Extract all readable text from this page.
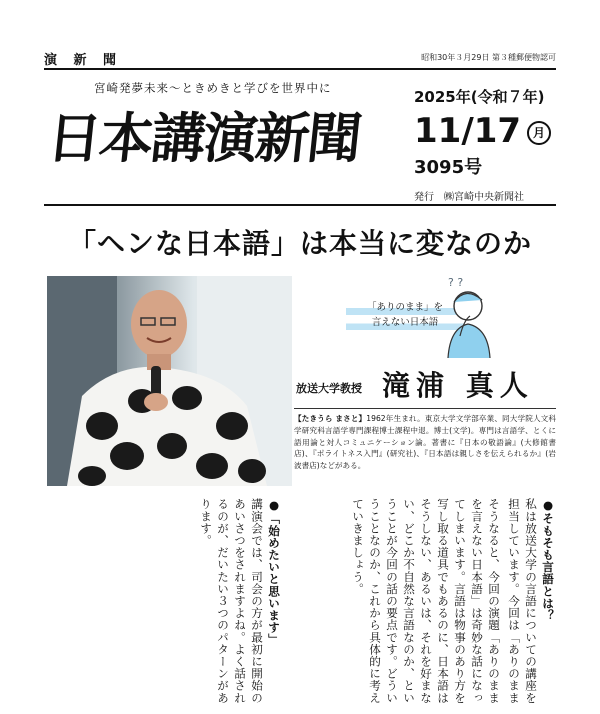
演 新 聞	昭和30年３月29日 第３種郵便物認可
宮崎発夢未来～ときめきと学びを世界中に
日本講演新聞
2025年(令和７年)
11/17 月
3095号
発行　㈱宮崎中央新聞社
「ヘンな日本語」は本当に変なのか
「ありのまま」を
言えない日本語
? ?
放送大学教授 滝浦 真人
【たきうら まさと】1962年生まれ。東京大学文学部卒業、同大学院人文科学研究科言語学専門課程博士課程中退。博士(文学)。専門は言語学、とくに語用論と対人コミュニケーション論。著書に『日本の敬語論』(大修館書店)、『ポライトネス入門』(研究社)、『日本語は親しさを伝えられるか』(岩波書店)などがある。
●そもそも言語とは？
私は放送大学の言語についての講座を担当しています。今回は「ありのまま
そうなると、今回の演題「ありのままを言えない日本語」は奇妙な話になってしまいます。言語は物事のあり方を写し取る道具でもあるのに、日本語はそうしない、あるいは、それを好まない、どこか不自然な言語なのか、ということが今回の話の要点です。どういうことなのか、これから具体的に考えていきましょう。
●「始めたいと思います」
講演会では、司会の方が最初に開始のあいさつをされますよね。よく話されるのが、だいたい３つのパターンがあります。
